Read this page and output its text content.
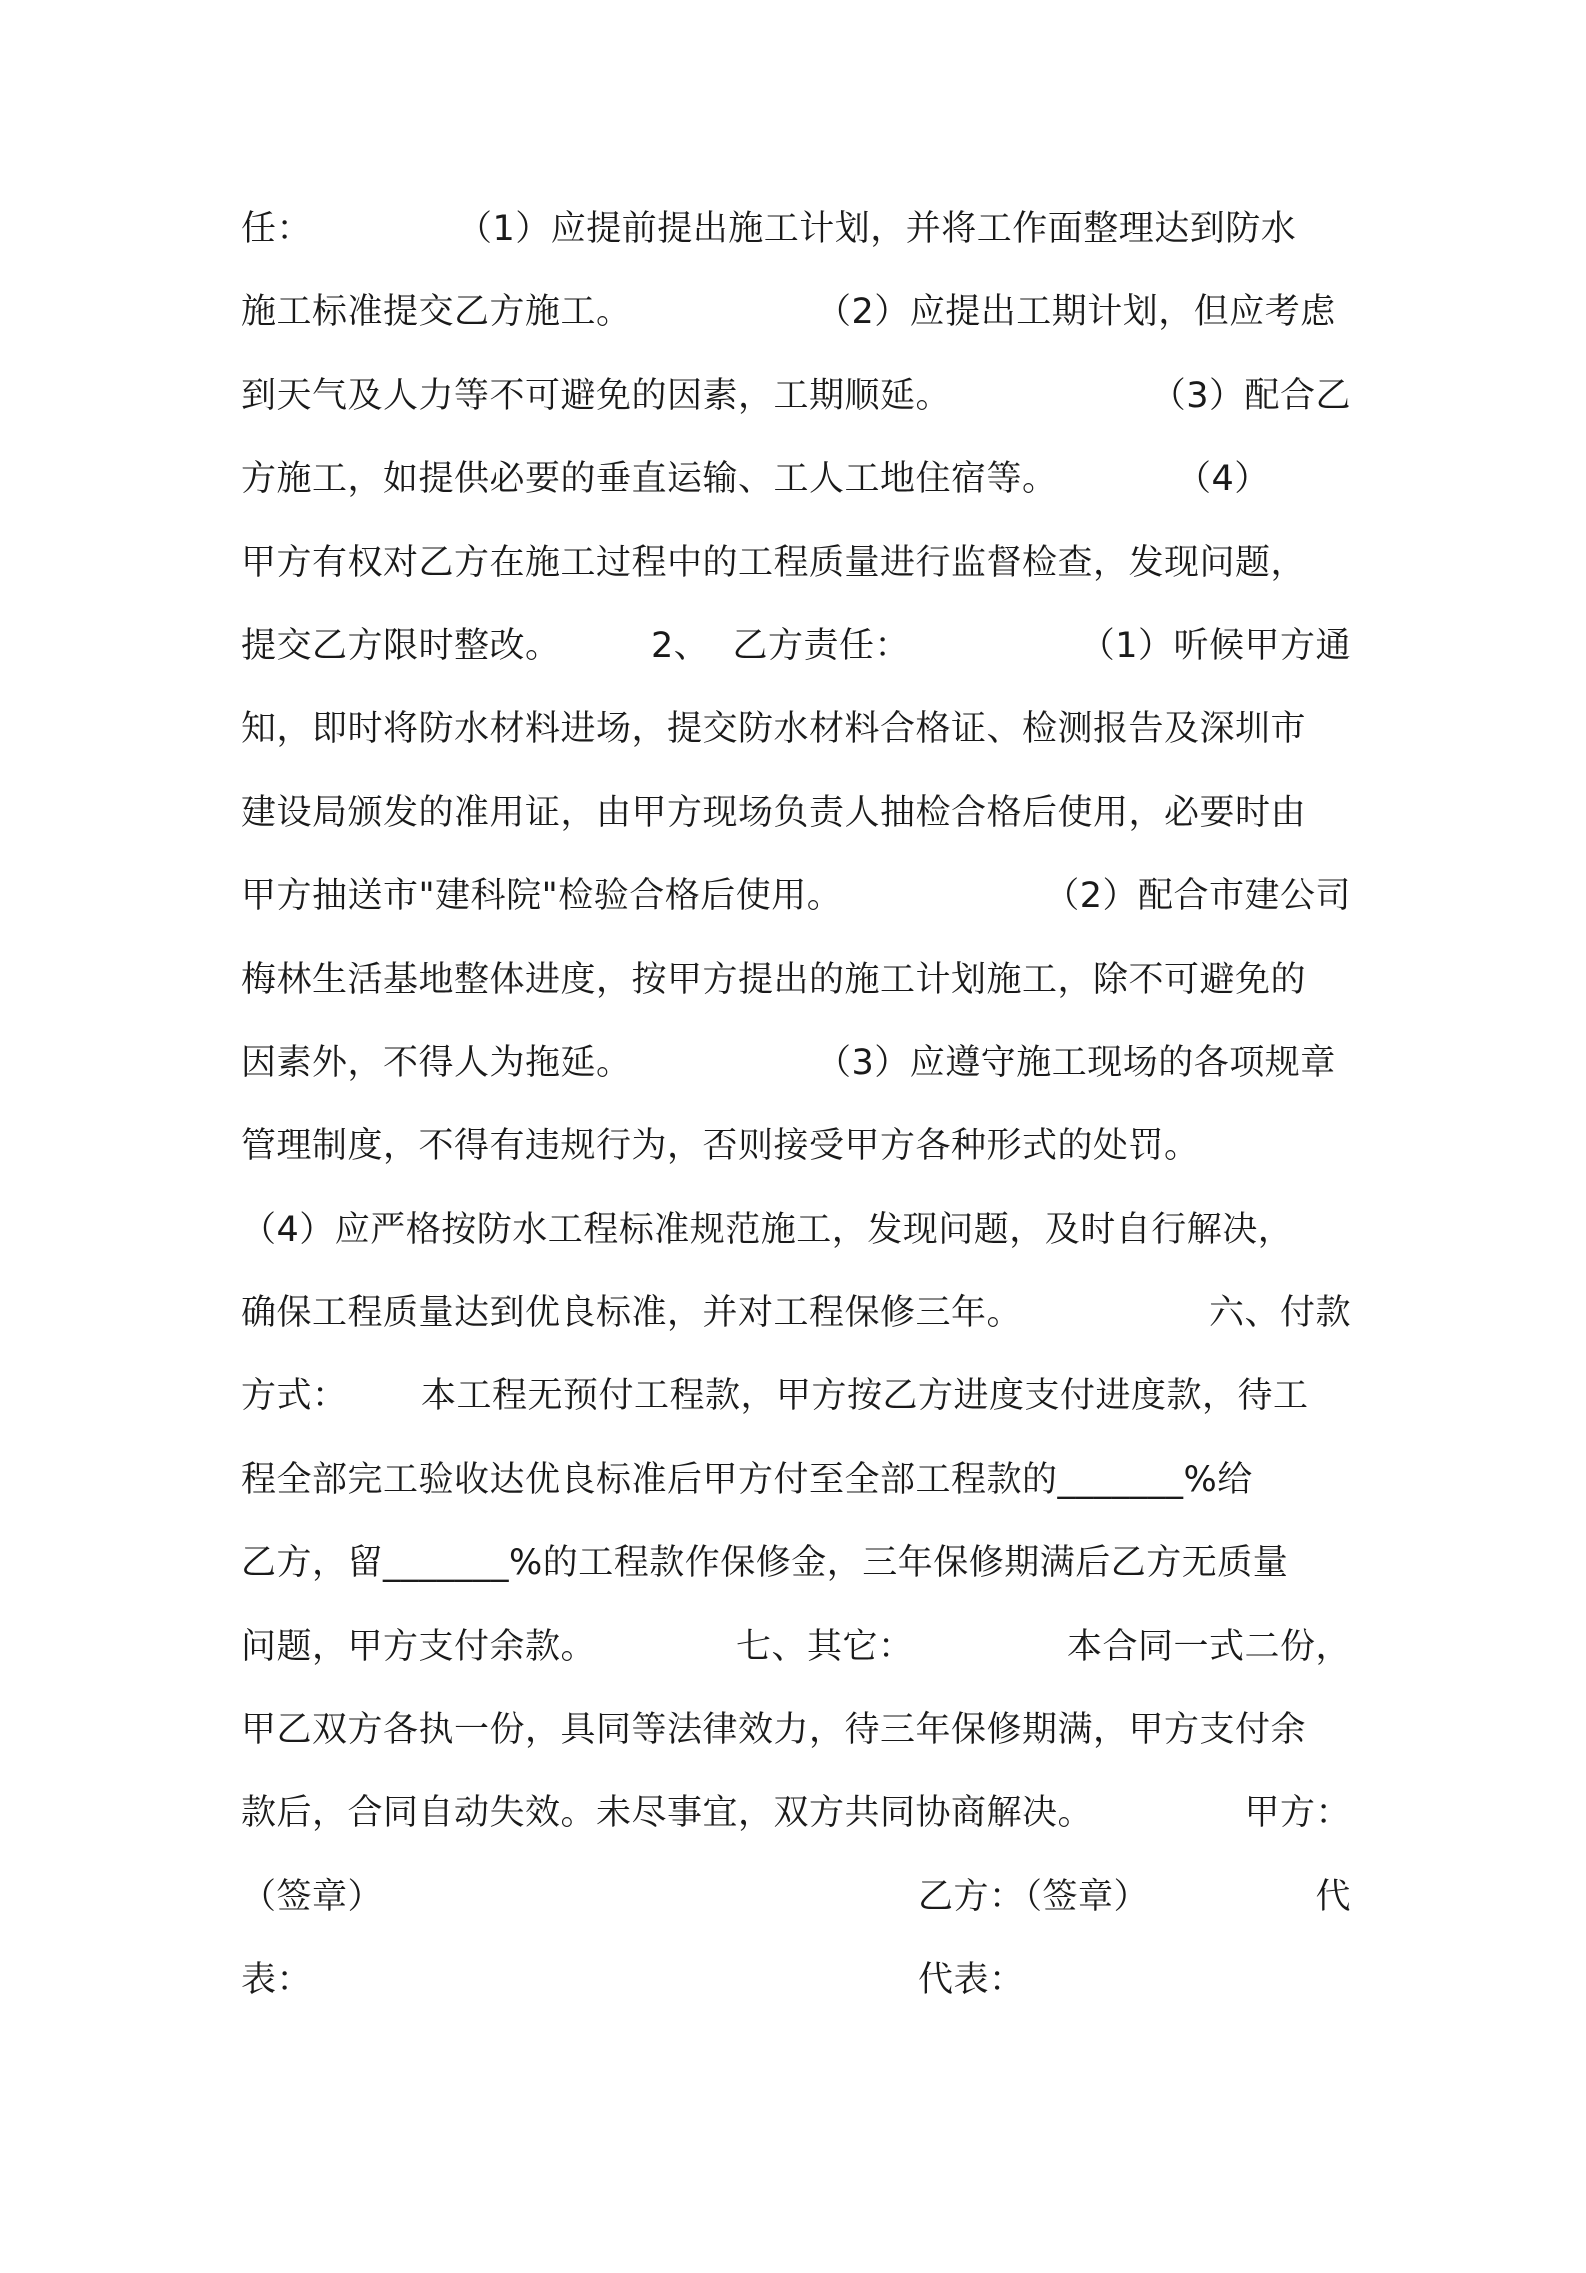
任：

	（1）应提前提出施工计划，并将工作面整理达到防水

施工标准提交乙方施工。

	（2）应提出工期计划，但应考虑

到天气及人力等不可避免的因素，工期顺延。

	（3）配合乙

方施工，如提供必要的垂直运输、工人工地住宿等。

	（4）

甲方有权对乙方在施工过程中的工程质量进行监督检查，发现问题，

提交乙方限时整改。

	2、  乙方责任：

	（1）听候甲方通

知，即时将防水材料进场，提交防水材料合格证、检测报告及深圳市

建设局颁发的准用证，由甲方现场负责人抽检合格后使用，必要时由

甲方抽送市"建科院"检验合格后使用。

	（2）配合市建公司

梅林生活基地整体进度，按甲方提出的施工计划施工，除不可避免的

因素外，不得人为拖延。

	（3）应遵守施工现场的各项规章

管理制度，不得有违规行为，否则接受甲方各种形式的处罚。

（4）应严格按防水工程标准规范施工，发现问题，及时自行解决，

确保工程质量达到优良标准，并对工程保修三年。

	六、付款

方式：

本工程无预付工程款，甲方按乙方进度支付进度款，待工

程全部完工验收达优良标准后甲方付至全部工程款的_______%给

乙方，留_______%的工程款作保修金，三年保修期满后乙方无质量

问题，甲方支付余款。

	七、其它：

	本合同一式二份，

甲乙双方各执一份，具同等法律效力，待三年保修期满，甲方支付余

款后，合同自动失效。未尽事宜，双方共同协商解决。

	甲方：

（签章）

	乙方：（签章）

	代

表：

	代表：
